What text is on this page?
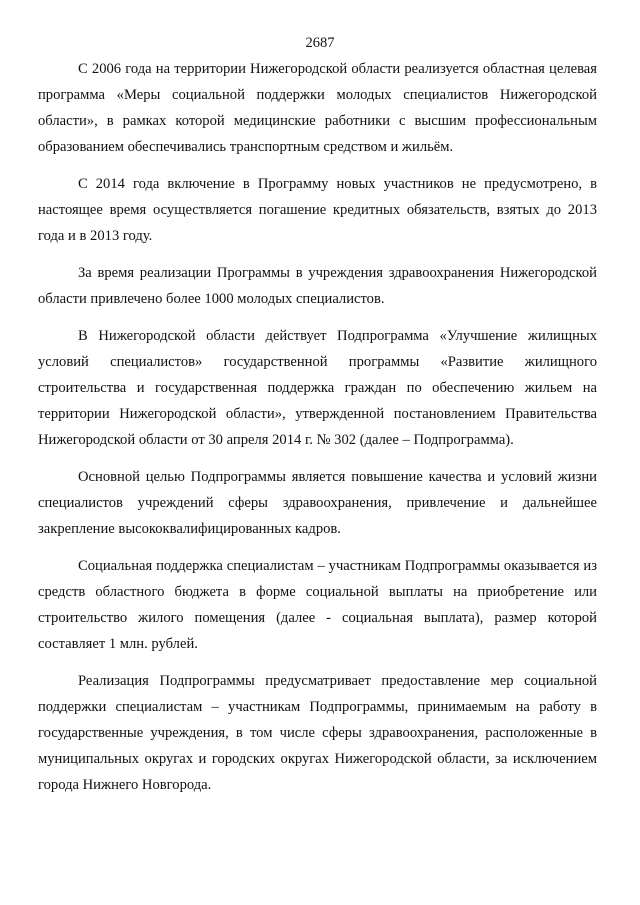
2687

С 2006 года на территории Нижегородской области реализуется областная целевая программа «Меры социальной поддержки молодых специалистов Нижегородской области», в рамках которой медицинские работники с высшим профессиональным образованием обеспечивались транспортным средством и жильём.

С 2014 года включение в Программу новых участников не предусмотрено, в настоящее время осуществляется погашение кредитных обязательств, взятых до 2013 года и в 2013 году.

За время реализации Программы в учреждения здравоохранения Нижегородской области привлечено более 1000 молодых специалистов.

В Нижегородской области действует Подпрограмма «Улучшение жилищных условий специалистов» государственной программы «Развитие жилищного строительства и государственная поддержка граждан по обеспечению жильем на территории Нижегородской области», утвержденной постановлением Правительства Нижегородской области от 30 апреля 2014 г. № 302 (далее – Подпрограмма).

Основной целью Подпрограммы является повышение качества и условий жизни специалистов учреждений сферы здравоохранения, привлечение и дальнейшее закрепление высококвалифицированных кадров.

Социальная поддержка специалистам – участникам Подпрограммы оказывается из средств областного бюджета в форме социальной выплаты на приобретение или строительство жилого помещения (далее - социальная выплата), размер которой составляет 1 млн. рублей.

Реализация Подпрограммы предусматривает предоставление мер социальной поддержки специалистам – участникам Подпрограммы, принимаемым на работу в государственные учреждения, в том числе сферы здравоохранения, расположенные в муниципальных округах и городских округах Нижегородской области, за исключением города Нижнего Новгорода.
